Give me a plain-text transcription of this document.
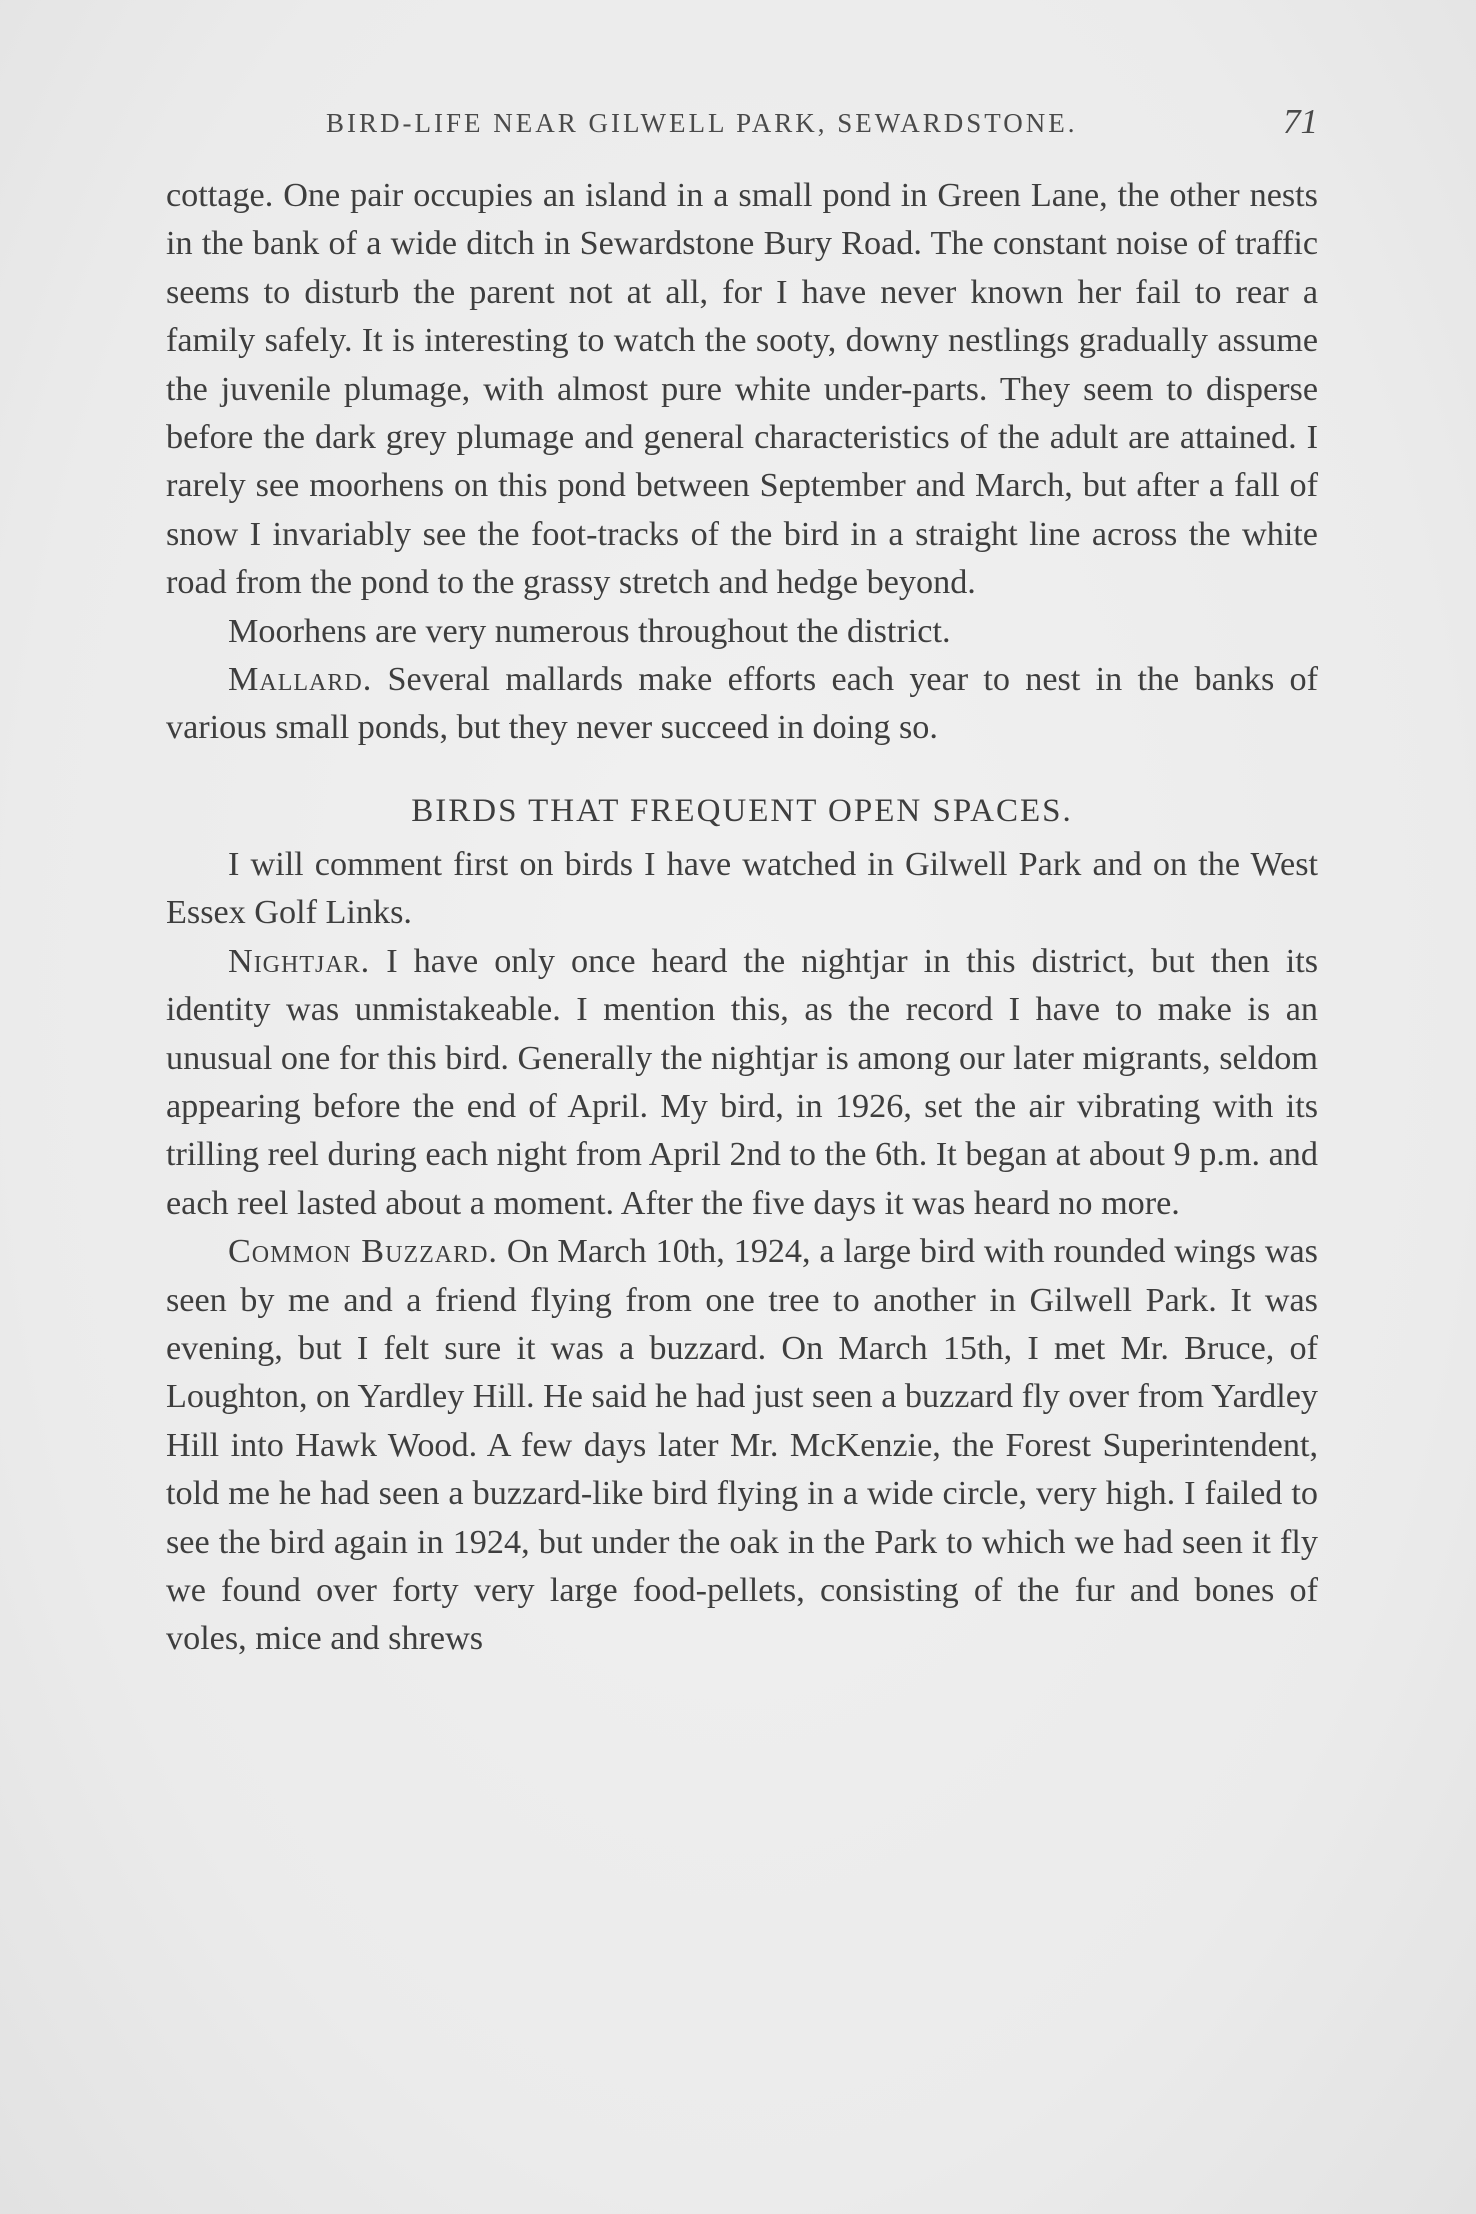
BIRD-LIFE NEAR GILWELL PARK, SEWARDSTONE.	71

cottage. One pair occupies an island in a small pond in Green Lane, the other nests in the bank of a wide ditch in Sewardstone Bury Road. The constant noise of traffic seems to disturb the parent not at all, for I have never known her fail to rear a family safely. It is interesting to watch the sooty, downy nestlings gradually assume the juvenile plumage, with almost pure white under-parts. They seem to disperse before the dark grey plumage and general characteristics of the adult are attained. I rarely see moorhens on this pond between September and March, but after a fall of snow I invariably see the foot-tracks of the bird in a straight line across the white road from the pond to the grassy stretch and hedge beyond.

Moorhens are very numerous throughout the district.

Mallard. Several mallards make efforts each year to nest in the banks of various small ponds, but they never succeed in doing so.

BIRDS THAT FREQUENT OPEN SPACES.

I will comment first on birds I have watched in Gilwell Park and on the West Essex Golf Links.

Nightjar. I have only once heard the nightjar in this district, but then its identity was unmistakeable. I mention this, as the record I have to make is an unusual one for this bird. Generally the nightjar is among our later migrants, seldom appearing before the end of April. My bird, in 1926, set the air vibrating with its trilling reel during each night from April 2nd to the 6th. It began at about 9 p.m. and each reel lasted about a moment. After the five days it was heard no more.

Common Buzzard. On March 10th, 1924, a large bird with rounded wings was seen by me and a friend flying from one tree to another in Gilwell Park. It was evening, but I felt sure it was a buzzard. On March 15th, I met Mr. Bruce, of Loughton, on Yardley Hill. He said he had just seen a buzzard fly over from Yardley Hill into Hawk Wood. A few days later Mr. McKenzie, the Forest Superintendent, told me he had seen a buzzard-like bird flying in a wide circle, very high. I failed to see the bird again in 1924, but under the oak in the Park to which we had seen it fly we found over forty very large food-pellets, consisting of the fur and bones of voles, mice and shrews
